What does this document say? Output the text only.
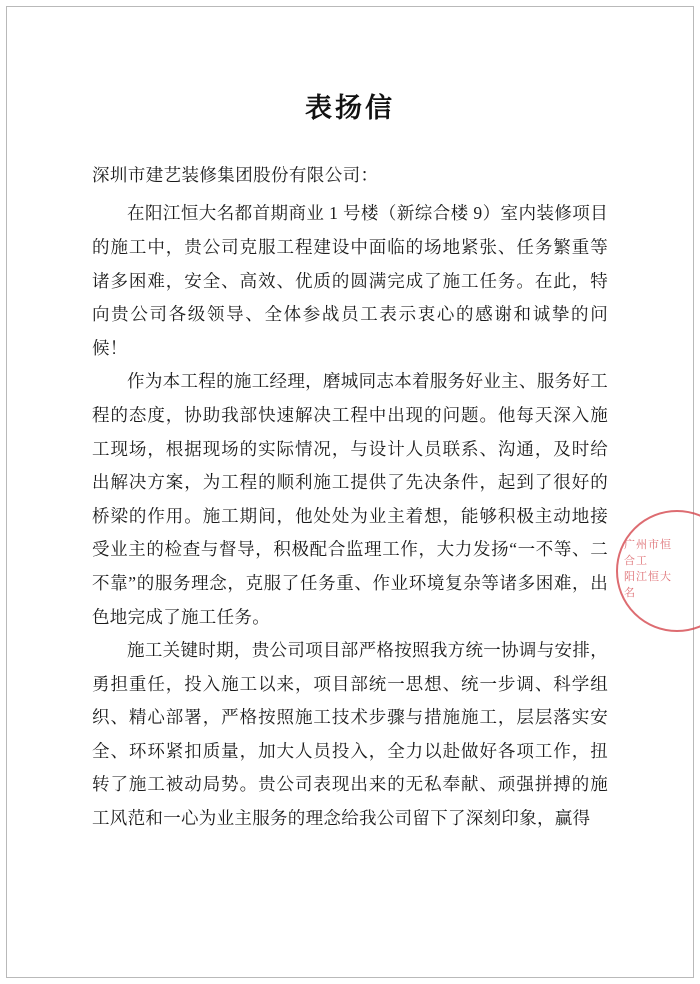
表扬信

深圳市建艺装修集团股份有限公司：

在阳江恒大名都首期商业 1 号楼（新综合楼 9）室内装修项目的施工中，贵公司克服工程建设中面临的场地紧张、任务繁重等诸多困难，安全、高效、优质的圆满完成了施工任务。在此，特向贵公司各级领导、全体参战员工表示衷心的感谢和诚挚的问候！

作为本工程的施工经理，磨城同志本着服务好业主、服务好工程的态度，协助我部快速解决工程中出现的问题。他每天深入施工现场，根据现场的实际情况，与设计人员联系、沟通，及时给出解决方案，为工程的顺利施工提供了先决条件，起到了很好的桥梁的作用。施工期间，他处处为业主着想，能够积极主动地接受业主的检查与督导，积极配合监理工作，大力发扬“一不等、二不靠”的服务理念，克服了任务重、作业环境复杂等诸多困难，出色地完成了施工任务。

施工关键时期，贵公司项目部严格按照我方统一协调与安排，勇担重任，投入施工以来，项目部统一思想、统一步调、科学组织、精心部署，严格按照施工技术步骤与措施施工，层层落实安全、环环紧扣质量，加大人员投入，全力以赴做好各项工作，扭转了施工被动局势。贵公司表现出来的无私奉献、顽强拼搏的施工风范和一心为业主服务的理念给我公司留下了深刻印象，赢得

广州市恒合工
阳江恒大名
